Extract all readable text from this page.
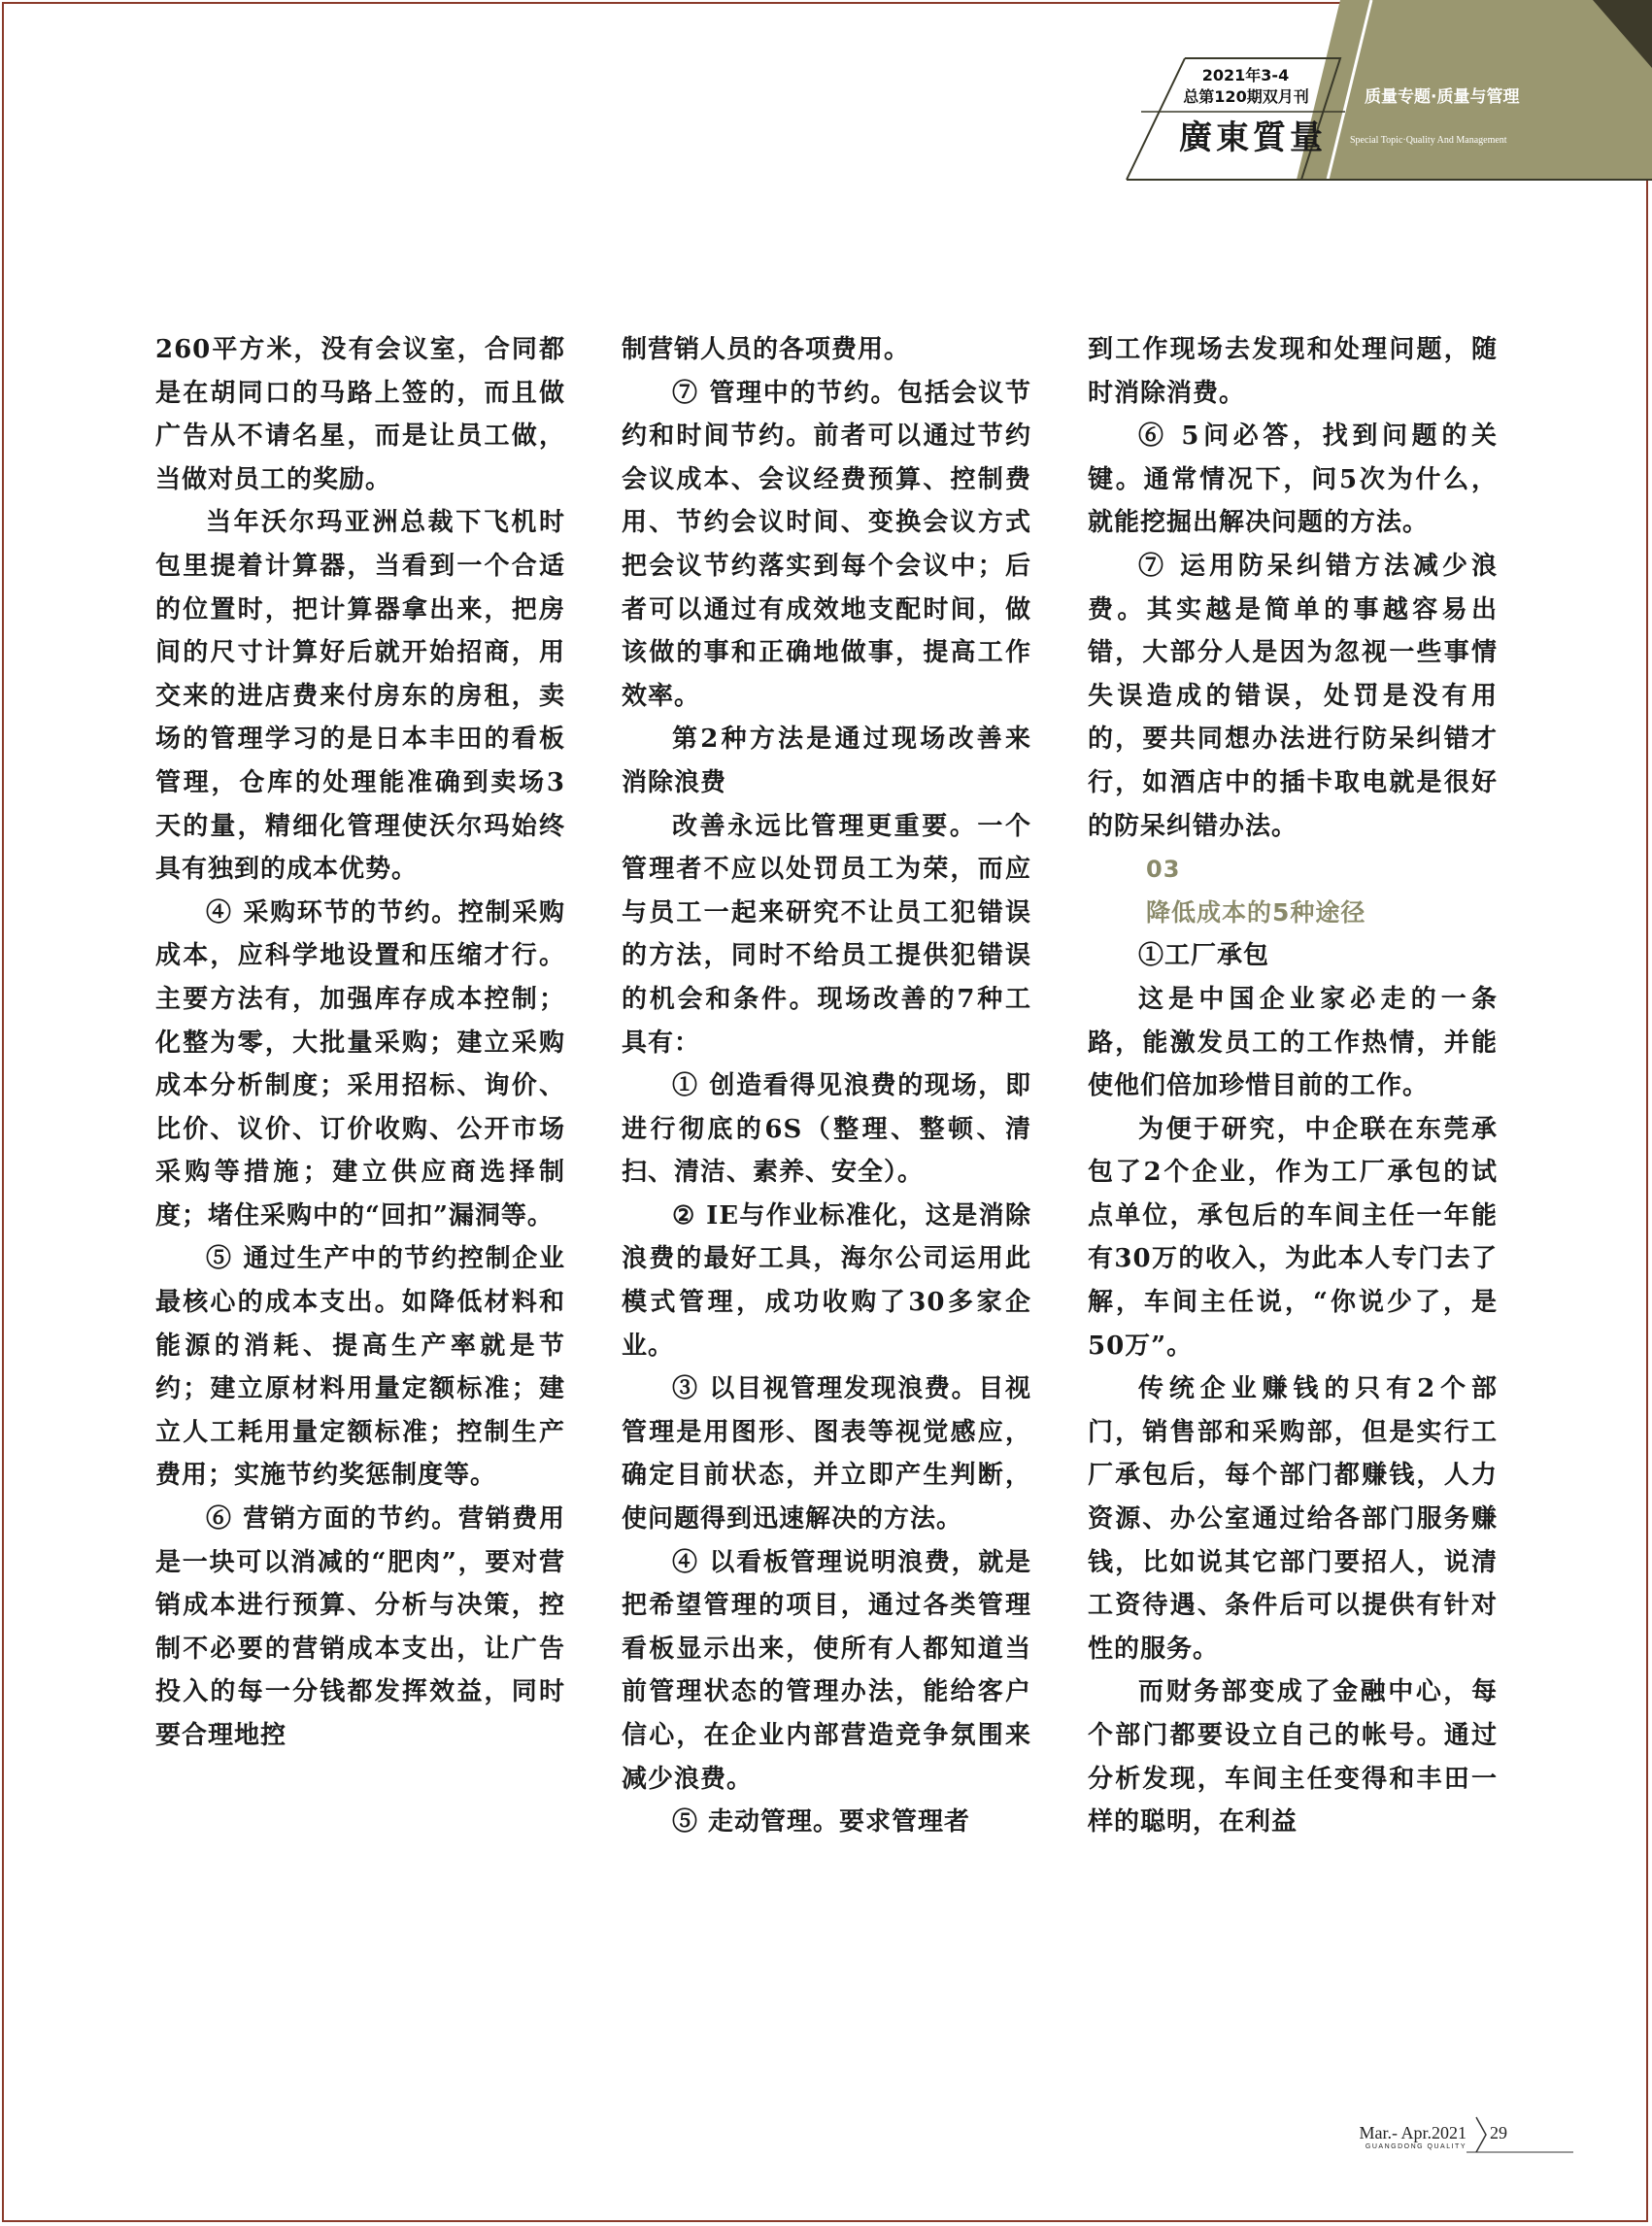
2021年3-4
总第120期双月刊
廣東質量
质量专题·质量与管理
Special Topic·Quality And Management

260平方米，没有会议室，合同都是在胡同口的马路上签的，而且做广告从不请名星，而是让员工做，当做对员工的奖励。

当年沃尔玛亚洲总裁下飞机时包里提着计算器，当看到一个合适的位置时，把计算器拿出来，把房间的尺寸计算好后就开始招商，用交来的进店费来付房东的房租，卖场的管理学习的是日本丰田的看板管理，仓库的处理能准确到卖场3天的量，精细化管理使沃尔玛始终具有独到的成本优势。

④ 采购环节的节约。控制采购成本，应科学地设置和压缩才行。主要方法有，加强库存成本控制；化整为零，大批量采购；建立采购成本分析制度；采用招标、询价、比价、议价、订价收购、公开市场采购等措施；建立供应商选择制度；堵住采购中的“回扣”漏洞等。

⑤ 通过生产中的节约控制企业最核心的成本支出。如降低材料和能源的消耗、提高生产率就是节约；建立原材料用量定额标准；建立人工耗用量定额标准；控制生产费用；实施节约奖惩制度等。

⑥ 营销方面的节约。营销费用是一块可以消减的“肥肉”，要对营销成本进行预算、分析与决策，控制不必要的营销成本支出，让广告投入的每一分钱都发挥效益，同时要合理地控

制营销人员的各项费用。

⑦ 管理中的节约。包括会议节约和时间节约。前者可以通过节约会议成本、会议经费预算、控制费用、节约会议时间、变换会议方式把会议节约落实到每个会议中；后者可以通过有成效地支配时间，做该做的事和正确地做事，提高工作效率。

第2种方法是通过现场改善来消除浪费

改善永远比管理更重要。一个管理者不应以处罚员工为荣，而应与员工一起来研究不让员工犯错误的方法，同时不给员工提供犯错误的机会和条件。现场改善的7种工具有：

① 创造看得见浪费的现场，即进行彻底的6S（整理、整顿、清扫、清洁、素养、安全）。

② IE与作业标准化，这是消除浪费的最好工具，海尔公司运用此模式管理，成功收购了30多家企业。

③ 以目视管理发现浪费。目视管理是用图形、图表等视觉感应，确定目前状态，并立即产生判断，使问题得到迅速解决的方法。

④ 以看板管理说明浪费，就是把希望管理的项目，通过各类管理看板显示出来，使所有人都知道当前管理状态的管理办法，能给客户信心，在企业内部营造竞争氛围来减少浪费。

⑤ 走动管理。要求管理者

到工作现场去发现和处理问题，随时消除消费。

⑥ 5问必答，找到问题的关键。通常情况下，问5次为什么，就能挖掘出解决问题的方法。

⑦ 运用防呆纠错方法减少浪费。其实越是简单的事越容易出错，大部分人是因为忽视一些事情失误造成的错误，处罚是没有用的，要共同想办法进行防呆纠错才行，如酒店中的插卡取电就是很好的防呆纠错办法。

03
降低成本的5种途径
①工厂承包

这是中国企业家必走的一条路，能激发员工的工作热情，并能使他们倍加珍惜目前的工作。

为便于研究，中企联在东莞承包了2个企业，作为工厂承包的试点单位，承包后的车间主任一年能有30万的收入，为此本人专门去了解，车间主任说，“你说少了，是50万”。

传统企业赚钱的只有2个部门，销售部和采购部，但是实行工厂承包后，每个部门都赚钱，人力资源、办公室通过给各部门服务赚钱，比如说其它部门要招人，说清工资待遇、条件后可以提供有针对性的服务。

而财务部变成了金融中心，每个部门都要设立自己的帐号。通过分析发现，车间主任变得和丰田一样的聪明，在利益

Mar.- Apr.2021
GUANGDONG QUALITY
29
